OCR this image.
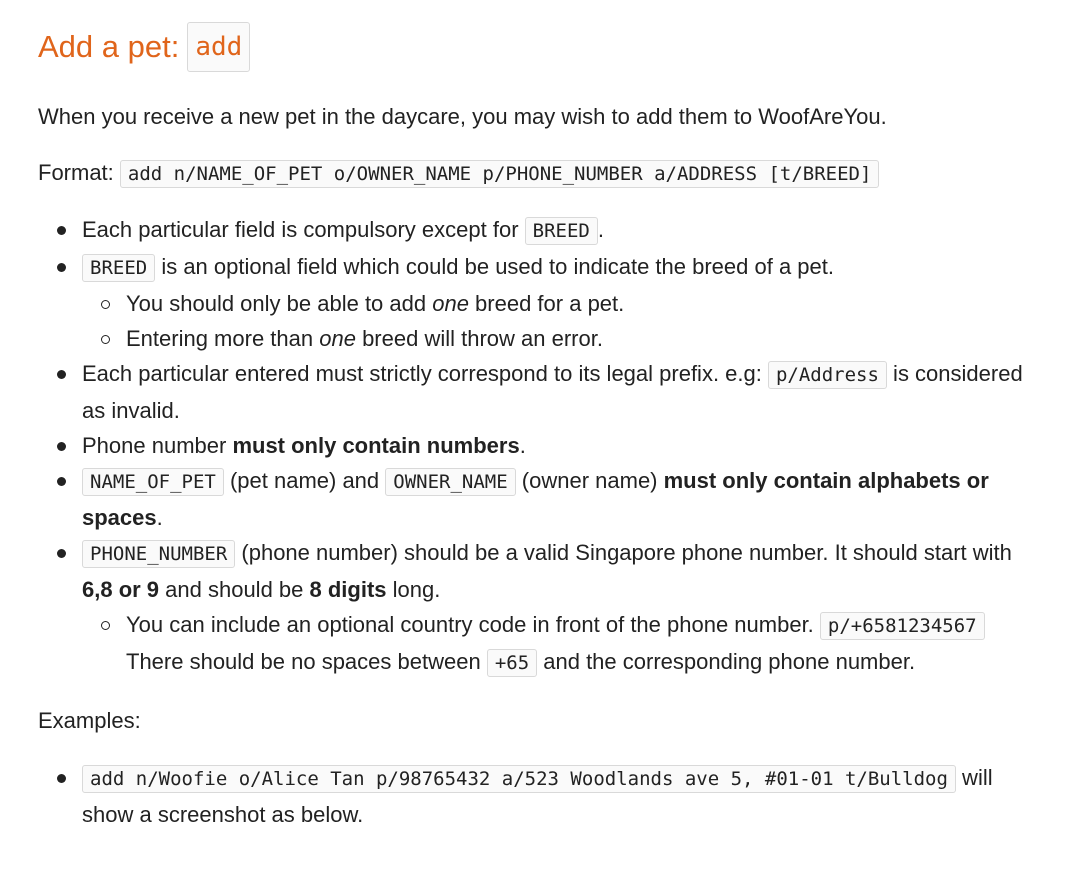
Add a pet: add

When you receive a new pet in the daycare, you may wish to add them to WoofAreYou.

Format: add n/NAME_OF_PET o/OWNER_NAME p/PHONE_NUMBER a/ADDRESS [t/BREED]

Each particular field is compulsory except for BREED .
BREED is an optional field which could be used to indicate the breed of a pet.
You should only be able to add one breed for a pet.
Entering more than one breed will throw an error.
Each particular entered must strictly correspond to its legal prefix. e.g: p/Address is considered as invalid.
Phone number must only contain numbers.
NAME_OF_PET (pet name) and OWNER_NAME (owner name) must only contain alphabets or spaces.
PHONE_NUMBER (phone number) should be a valid Singapore phone number. It should start with 6,8 or 9 and should be 8 digits long.
You can include an optional country code in front of the phone number. p/+6581234567 There should be no spaces between +65 and the corresponding phone number.

Examples:

add n/Woofie o/Alice Tan p/98765432 a/523 Woodlands ave 5, #01-01 t/Bulldog will show a screenshot as below.
